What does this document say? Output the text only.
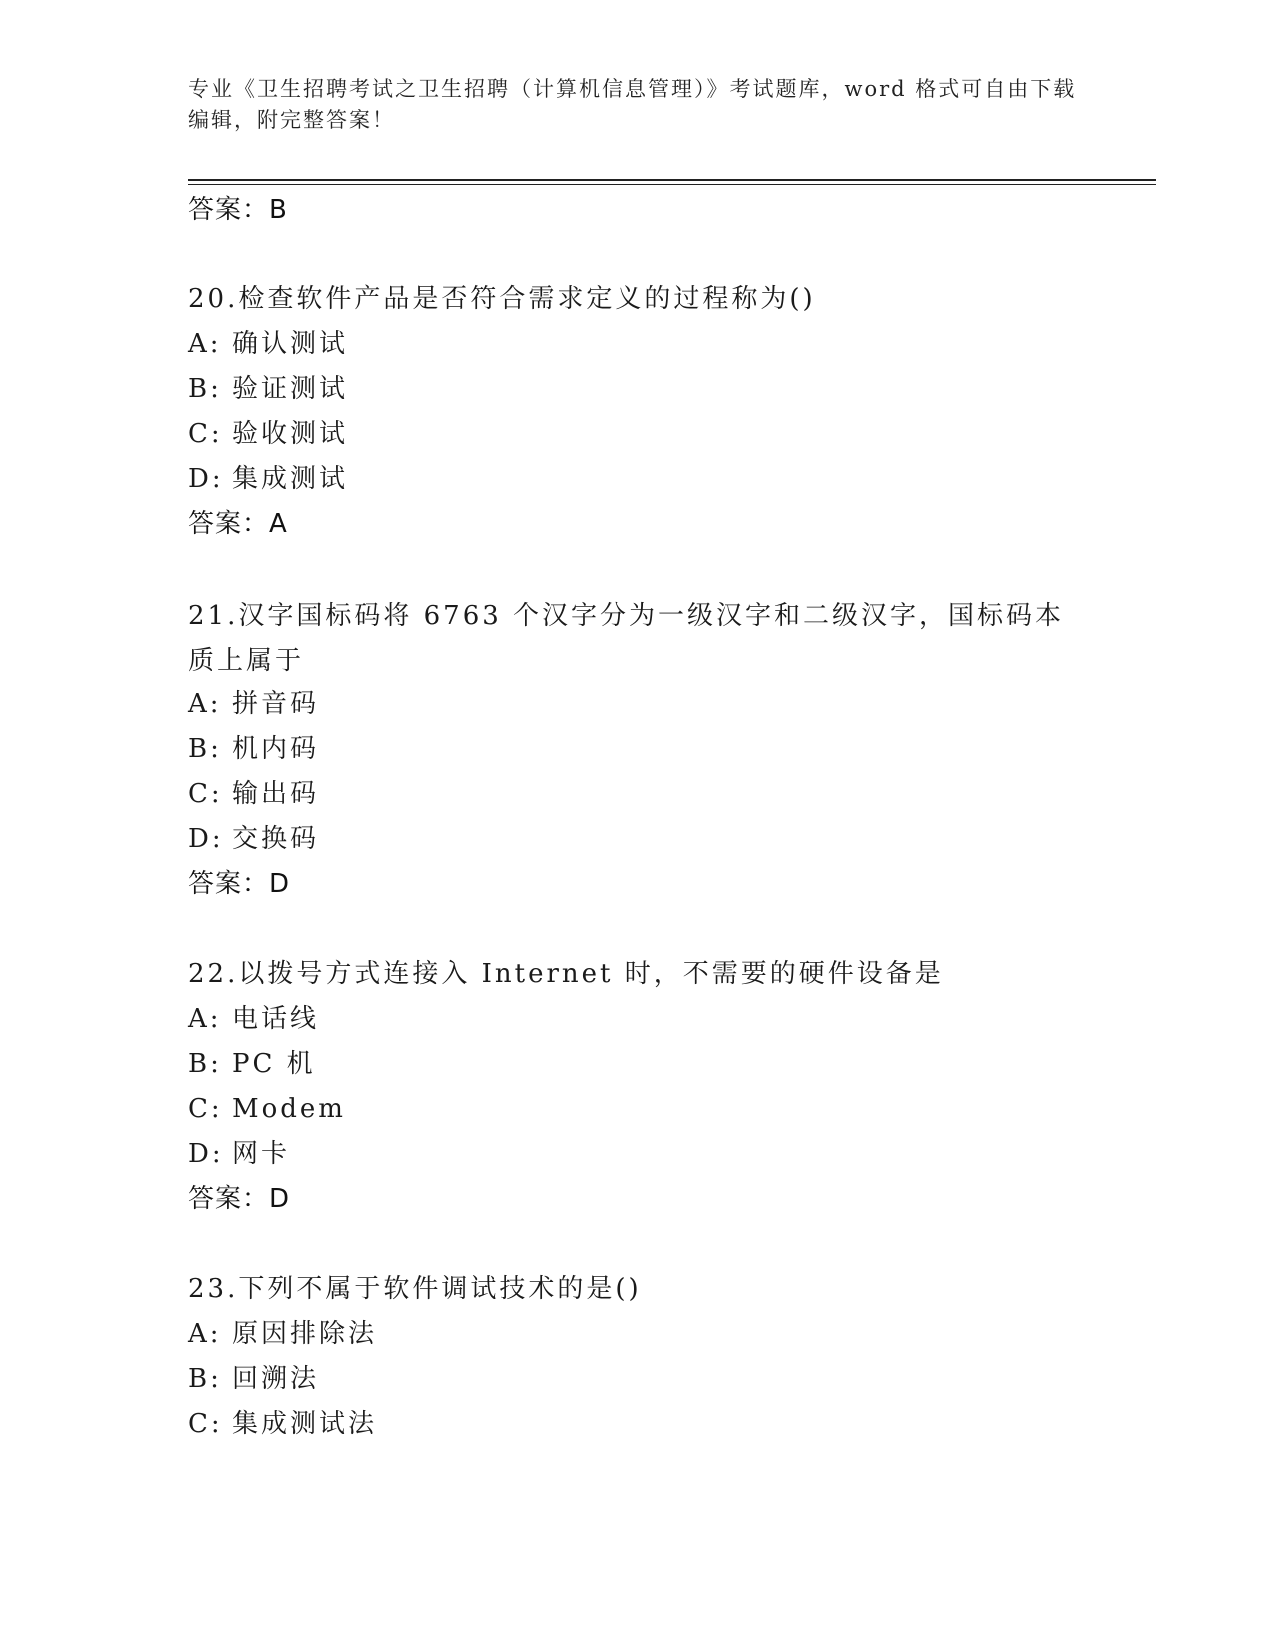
专业《卫生招聘考试之卫生招聘（计算机信息管理）》考试题库，word 格式可自由下载编辑，附完整答案！
答案：B
20.检查软件产品是否符合需求定义的过程称为()
A: 确认测试
B: 验证测试
C: 验收测试
D: 集成测试
答案：A
21.汉字国标码将 6763 个汉字分为一级汉字和二级汉字，国标码本质上属于
A: 拼音码
B: 机内码
C: 输出码
D: 交换码
答案：D
22.以拨号方式连接入 Internet 时，不需要的硬件设备是
A: 电话线
B: PC 机
C: Modem
D: 网卡
答案：D
23.下列不属于软件调试技术的是()
A: 原因排除法
B: 回溯法
C: 集成测试法
